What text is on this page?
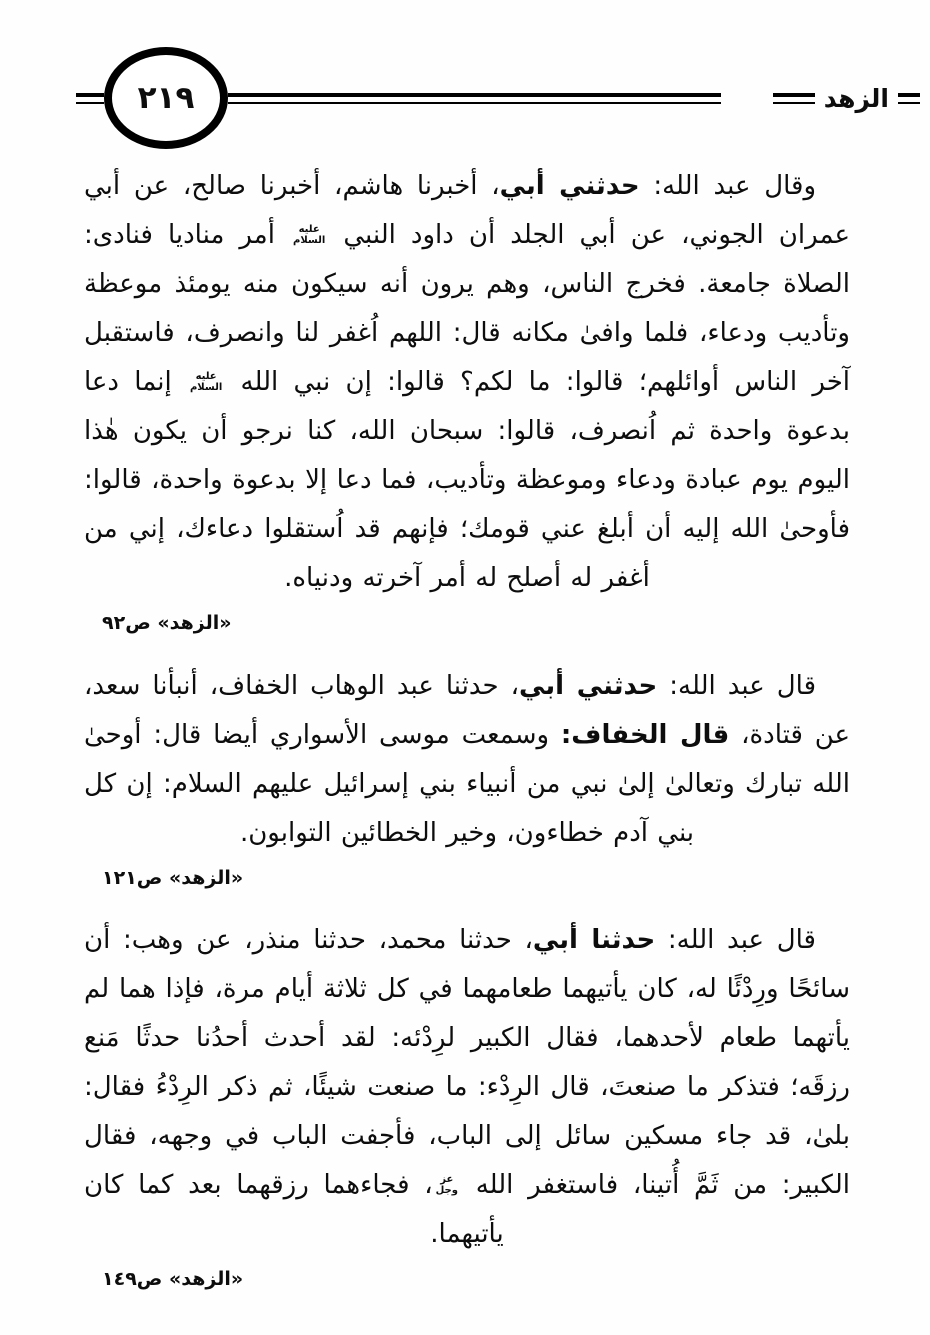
الزهد
٢١٩

وقال عبد الله: حدثني أبي، أخبرنا هاشم، أخبرنا صالح، عن أبي عمران الجوني، عن أبي الجلد أن داود النبي
عليه
السلام
أمر مناديا فنادى: الصلاة جامعة. فخرج الناس، وهم يرون أنه سيكون منه يومئذ موعظة وتأديب ودعاء، فلما وافىٰ مكانه قال: اللهم اُغفر لنا وانصرف، فاستقبل آخر الناس أوائلهم؛ قالوا: ما لكم؟ قالوا: إن نبي الله
عليه
السلام
إنما دعا بدعوة واحدة ثم اُنصرف، قالوا: سبحان الله، كنا نرجو أن يكون هٰذا اليوم يوم عبادة ودعاء وموعظة وتأديب، فما دعا إلا بدعوة واحدة، قالوا: فأوحىٰ الله إليه أن أبلغ عني قومك؛ فإنهم قد اُستقلوا دعاءك، إني من أغفر له أصلح له أمر آخرته ودنياه.

«الزهد» ص٩٢

قال عبد الله: حدثني أبي، حدثنا عبد الوهاب الخفاف، أنبأنا سعد، عن قتادة، قال الخفاف: وسمعت موسى الأسواري أيضا قال: أوحىٰ الله تبارك وتعالىٰ إلىٰ نبي من أنبياء بني إسرائيل عليهم السلام: إن كل بني آدم خطاءون، وخير الخطائين التوابون.

«الزهد» ص١٢١

قال عبد الله: حدثنا أبي، حدثنا محمد، حدثنا منذر، عن وهب: أن سائحًا ورِدْئًا له، كان يأتيهما طعامهما في كل ثلاثة أيام مرة، فإذا هما لم يأتهما طعام لأحدهما، فقال الكبير لرِدْئه: لقد أحدث أحدُنا حدثًا مَنع رزقَه؛ فتذكر ما صنعتَ، قال الرِدْء: ما صنعت شيئًا، ثم ذكر الرِدْءُ فقال: بلىٰ، قد جاء مسكين سائل إلى الباب، فأجفت الباب في وجهه، فقال الكبير: من ثَمَّ أُتينا، فاستغفر الله
عز
وجل
، فجاءهما رزقهما بعد كما كان يأتيهما.

«الزهد» ص١٤٩
